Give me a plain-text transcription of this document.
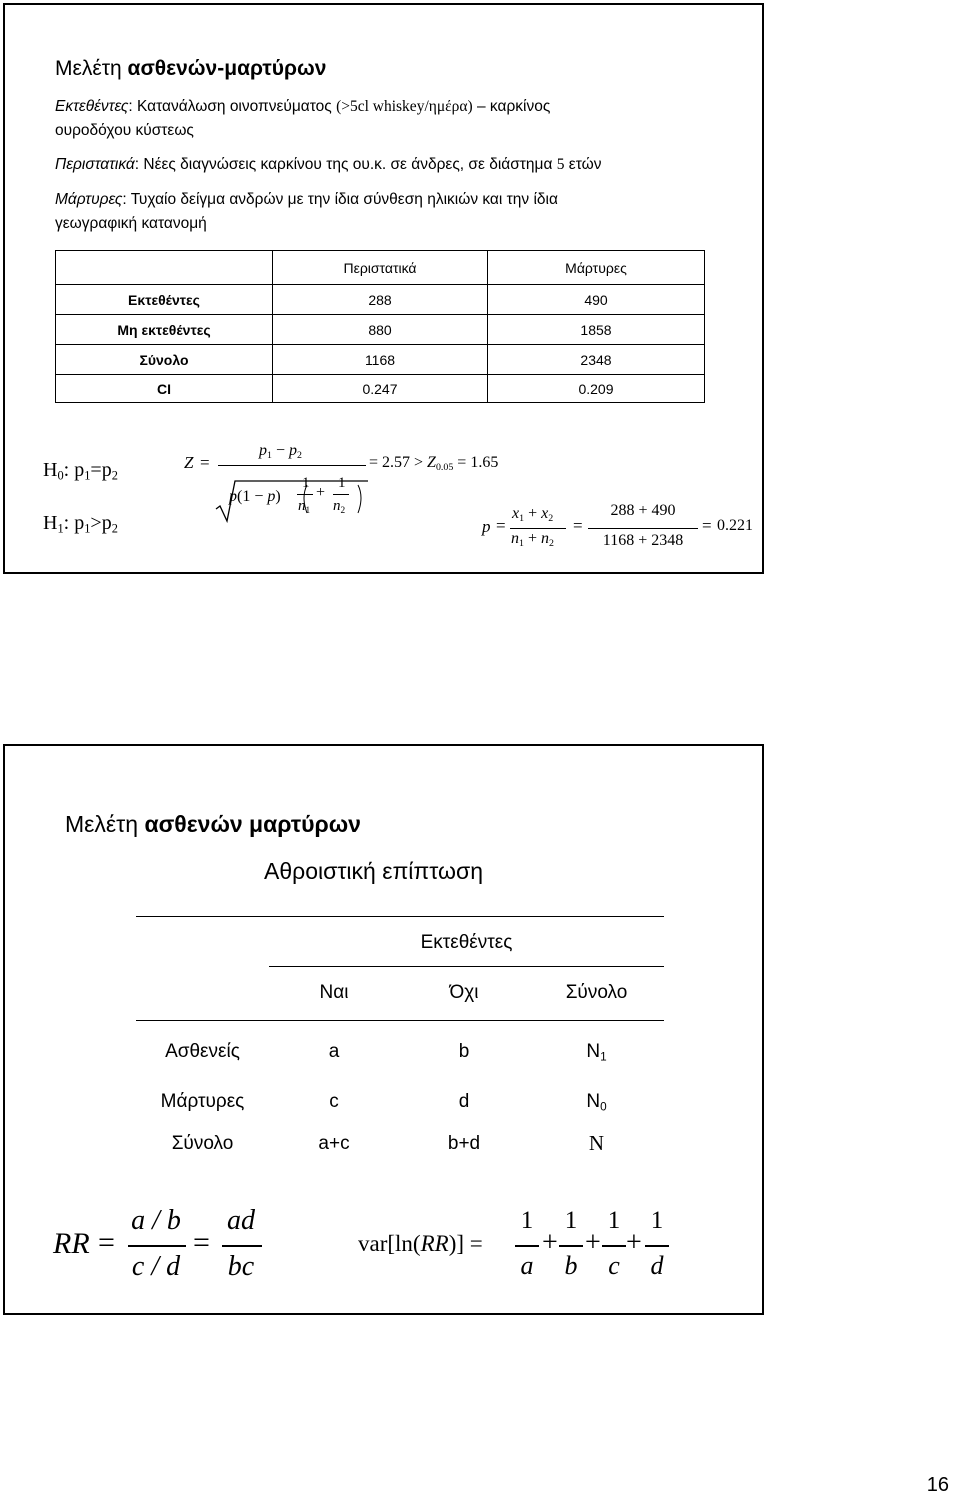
Μελέτη ασθενών-μαρτύρων
Εκτεθέντες: Κατανάλωση οινοπνεύματος (>5cl whiskey/ημέρα) – καρκίνος
ουροδόχου κύστεως
Περιστατικά: Νέες διαγνώσεις καρκίνου της ου.κ. σε άνδρες, σε διάστημα 5 ετών
Μάρτυρες: Τυχαίο δείγμα ανδρών με την ίδια σύνθεση ηλικιών και την ίδια
γεωγραφική κατανομή
	Περιστατικά	Μάρτυρες
Εκτεθέντες	288	490
Μη εκτεθέντες	880	1858
Σύνολο	1168	2348
CI	0.247	0.209
$H_0$: $p_1=p_2$
$H_1$: $p_1>p_2$
Z =
$p_1 - p_2$
p(1 − p)
1
$n_1$
+
1
$n_2$
= $2.57 > Z_{0.05} = 1.65$
p =
$x_1 + x_2$
$n_1 + n_2$
=
288 + 490
1168 + 2348
= 0.221
Μελέτη ασθενών μαρτύρων
Αθροιστική επίπτωση
Εκτεθέντες
Ναι	Όχι	Σύνολο
Ασθενείς	a	b	$N_1$
Μάρτυρες	c	d	$N_0$
Σύνολο	a+c	b+d	N
RR =
a / b
c / d
=
ad
bc
var[ln(RR)] =
1
a
+
1
b
+
1
c
+
1
d
16
